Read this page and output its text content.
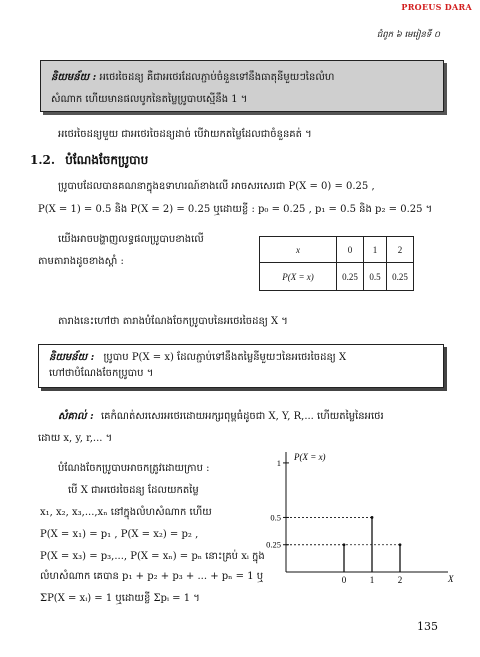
PROEUS DARA
ជំពូក ៦ មេរៀនទី ០
និយមន័យ : អថេរចៃដន្យ គឺជាអថេរដែលភ្ជាប់ចំនួនទៅនឹងធាតុនីមួយៗនៃលំហ
សំណាក ហើយមានផលបូកនៃតម្លៃប្រូបាបស្មើនឹង 1 ។
អថេរចៃដន្យមួយ ជាអថេរចៃដន្យដាច់ បើវាយកតម្លៃដែលជាចំនួនគត់ ។
1.2. បំណែងចែកប្រូបាប
ប្រូបាបដែលបានគណនាក្នុងឧទាហរណ៍ខាងលើ អាចសរសេរជា P(X = 0) = 0.25 ,
P(X = 1) = 0.5 និង P(X = 2) = 0.25 ឬដោយខ្លី : p₀ = 0.25 , p₁ = 0.5 និង p₂ = 0.25 ។
យើងអាចបង្ហាញលទ្ធផលប្រូបាបខាងលើ
តាមតារាងដូចខាងស្តាំ :
x	0	1	2
P(X = x)	0.25	0.5	0.25
តារាងនេះហៅថា តារាងបំណែងចែកប្រូបាបនៃអថេរចៃដន្យ X ។
និយមន័យ : ប្រូបាប P(X = x) ដែលភ្ជាប់ទៅនឹងតម្លៃនីមួយៗនៃអថេរចៃដន្យ X
ហៅថាបំណែងចែកប្រូបាប ។
សំគាល់ : គេកំណត់សរសេរអថេរដោយអក្សរពុម្ពធំដូចជា X, Y, R,... ហើយតម្លៃនៃអថេរ
ដោយ x, y, r,... ។
បំណែងចែកប្រូបាបអាចកត្រូវដោយក្រាប :
បើ X ជាអថេរចៃដន្យ ដែលយកតម្លៃ
x₁, x₂, x₃,...,xₙ នៅក្នុងលំហសំណាក ហើយ
P(X = x₁) = p₁ , P(X = x₂) = p₂ ,
P(X = x₃) = p₃,..., P(X = xₙ) = pₙ នោះគ្រប់ xᵢ ក្នុង
លំហសំណាក គេបាន p₁ + p₂ + p₃ + ... + pₙ = 1 ឬ
ΣP(X = xᵢ) = 1 ឬដោយខ្លី Σpᵢ = 1 ។
P(X = x)
X
0.25
0.5
1
0	1	2
135
